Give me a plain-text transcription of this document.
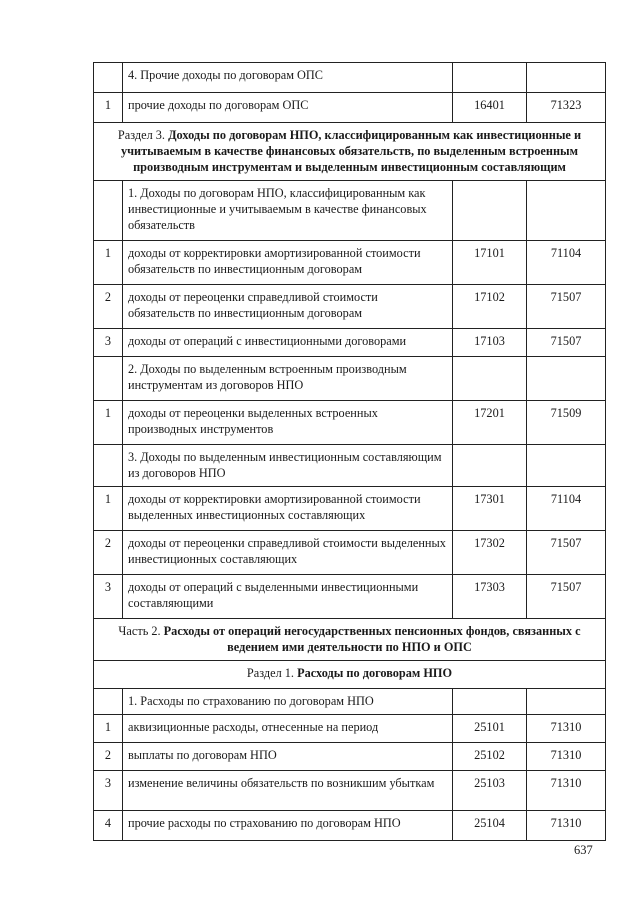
	4. Прочие доходы по договорам ОПС		
1	прочие доходы по договорам ОПС	16401	71323
Раздел 3. Доходы по договорам НПО, классифицированным как инвестиционные и учитываемым в качестве финансовых обязательств, по выделенным встроенным производным инструментам и выделенным инвестиционным составляющим			
	1. Доходы по договорам НПО, классифицированным как инвестиционные и учитываемым в качестве финансовых обязательств		
1	доходы от корректировки амортизированной стоимости обязательств по инвестиционным договорам	17101	71104
2	доходы от переоценки справедливой стоимости обязательств по инвестиционным договорам	17102	71507
3	доходы от операций с инвестиционными договорами	17103	71507
	2. Доходы по выделенным встроенным производным инструментам из договоров НПО		
1	доходы от переоценки выделенных встроенных производных инструментов	17201	71509
	3. Доходы по выделенным инвестиционным составляющим из договоров НПО		
1	доходы от корректировки амортизированной стоимости выделенных инвестиционных составляющих	17301	71104
2	доходы от переоценки справедливой стоимости выделенных инвестиционных составляющих	17302	71507
3	доходы от операций с выделенными инвестиционными составляющими	17303	71507
Часть 2. Расходы от операций негосударственных пенсионных фондов, связанных с ведением ими деятельности по НПО и ОПС			
Раздел 1. Расходы по договорам НПО			
	1. Расходы по страхованию по договорам НПО		
1	аквизиционные расходы, отнесенные на период	25101	71310
2	выплаты по договорам НПО	25102	71310
3	изменение величины обязательств по возникшим убыткам	25103	71310
4	прочие расходы по страхованию по договорам НПО	25104	71310
637
